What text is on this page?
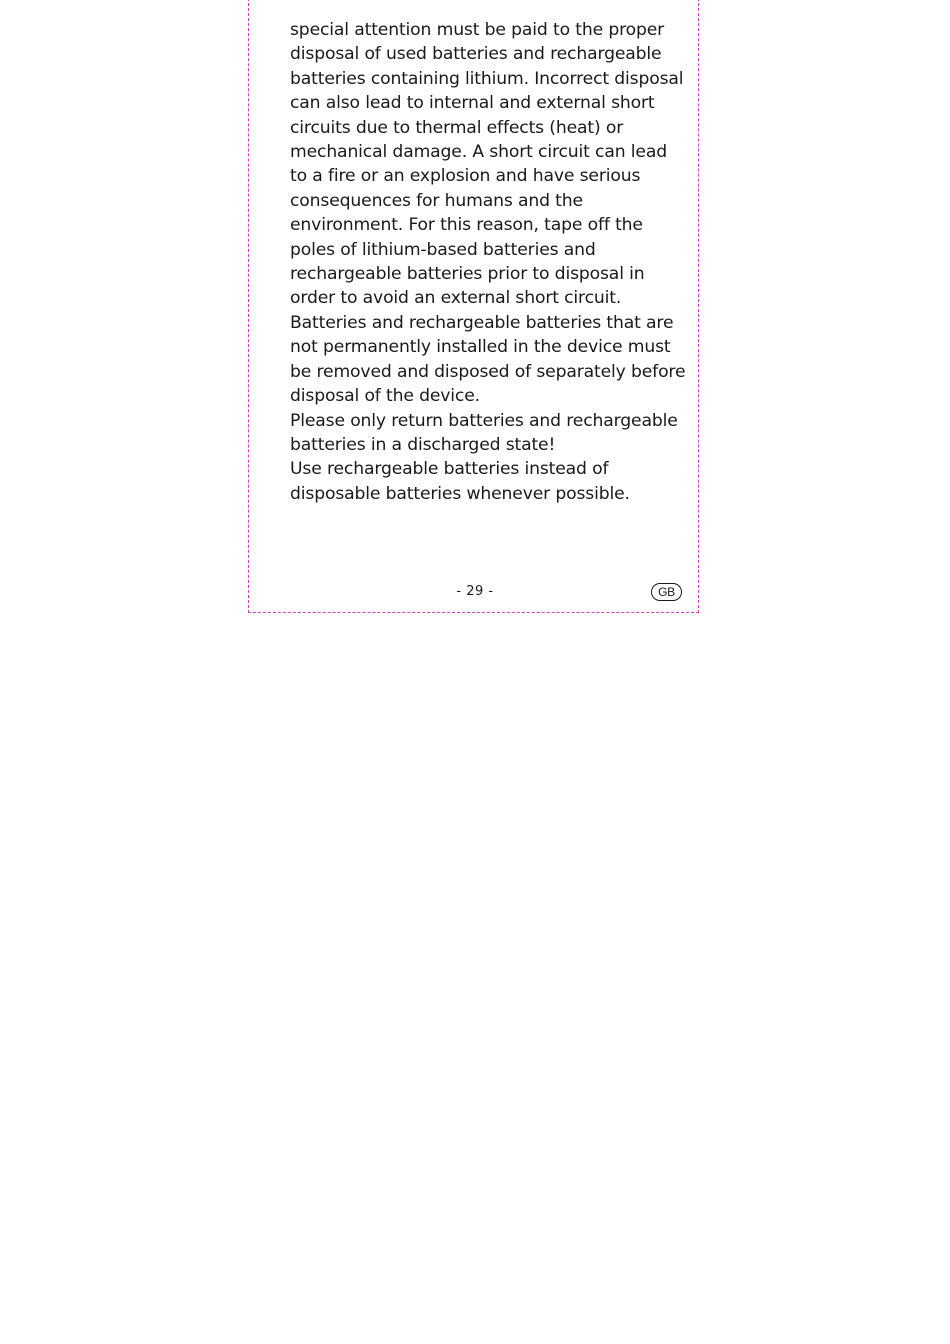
special attention must be paid to the proper disposal of used batteries and rechargeable batteries containing lithium. Incorrect disposal can also lead to internal and external short circuits due to thermal effects (heat) or mechanical damage. A short circuit can lead to a fire or an explosion and have serious consequences for humans and the environment. For this reason, tape off the poles of lithium-based batteries and rechargeable batteries prior to disposal in order to avoid an external short circuit.

Batteries and rechargeable batteries that are not permanently installed in the device must be removed and disposed of separately before disposal of the device.

Please only return batteries and rechargeable batteries in a discharged state!

Use rechargeable batteries instead of disposable batteries whenever possible.

- 29 -	GB
